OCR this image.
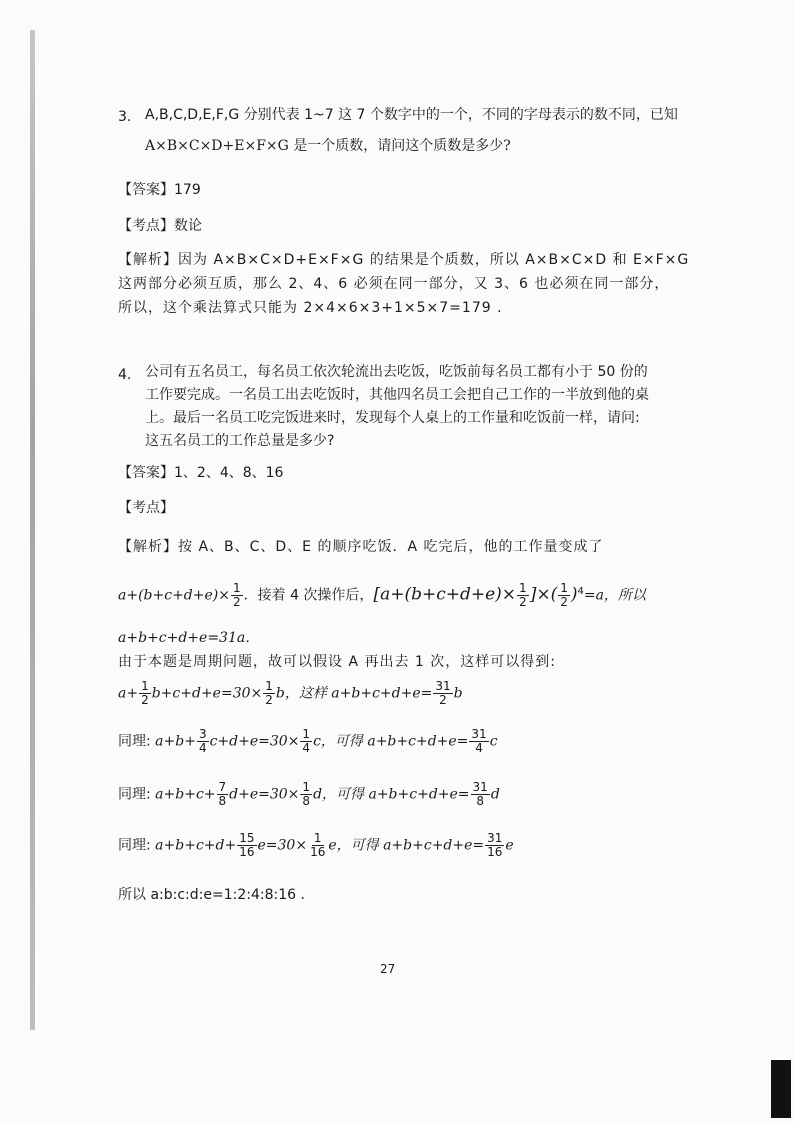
3. A,B,C,D,E,F,G 分别代表 1~7 这 7 个数字中的一个，不同的字母表示的数不同，已知
A×B×C×D+E×F×G 是一个质数，请问这个质数是多少?
【答案】179
【考点】数论
【解析】因为 A×B×C×D+E×F×G 的结果是个质数，所以 A×B×C×D 和 E×F×G
这两部分必须互质，那么 2、4、6 必须在同一部分，又 3、6 也必须在同一部分，
所以，这个乘法算式只能为 2×4×6×3+1×5×7=179 .
4. 公司有五名员工，每名员工依次轮流出去吃饭，吃饭前每名员工都有小于 50 份的
工作要完成。一名员工出去吃饭时，其他四名员工会把自己工作的一半放到他的桌
上。最后一名员工吃完饭进来时，发现每个人桌上的工作量和吃饭前一样，请问:
这五名员工的工作总量是多少?
【答案】1、2、4、8、16
【考点】
【解析】按 A、B、C、D、E 的顺序吃饭．A 吃完后，他的工作量变成了
$a+(b+c+d+e)\times \frac{1}{2}$ ．接着 4 次操作后，[$a+(b+c+d+e)\times \frac{1}{2}$ ]×( $\frac{1}{2} )^4=a$，所以
a+b+c+d+e=31a．
由于本题是周期问题，故可以假设 A 再出去 1 次，这样可以得到:
$a+ \frac{1}{2} b+c+d+e=30\times \frac{1}{2}$ b，这样 $a+b+c+d+e= \frac{31}{2}$ b
同理: $a+b+ \frac{3}{4} c+d+e=30\times \frac{1}{4}$ c，可得 $a+b+c+d+e= \frac{31}{4}$ c
同理: $a+b+c+ \frac{7}{8} d+e=30\times \frac{1}{8}$ d，可得 $a+b+c+d+e= \frac{31}{8}$ d
同理: $a+b+c+d+ \frac{15}{16} e=30\times \frac{1}{16}$ e，可得 $a+b+c+d+e= \frac{31}{16}$ e
所以 a:b:c:d:e=1:2:4:8:16 ．
27
